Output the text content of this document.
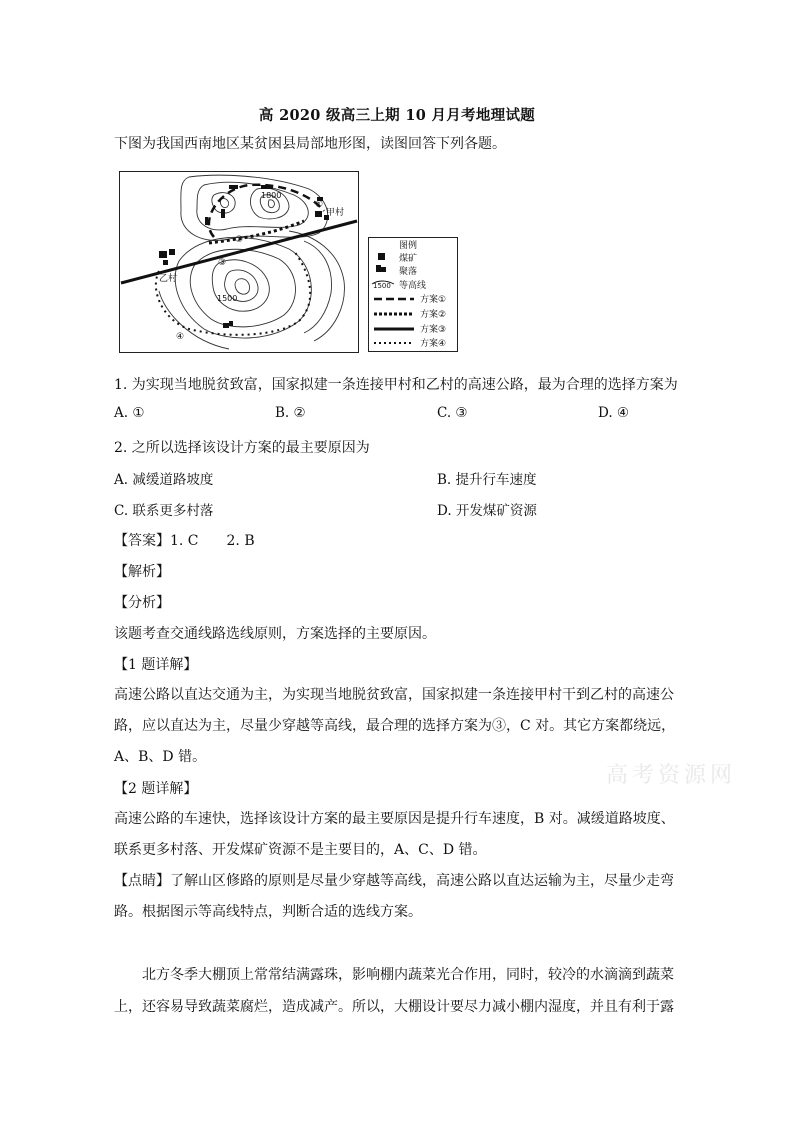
高 2020 级高三上期 10 月月考地理试题
下图为我国西南地区某贫困县局部地形图，读图回答下列各题。
乙村
甲村
1800
1500
①
②
③
④
图例
煤矿
聚落
1500 等高线
方案①
方案②
方案③
方案④
1. 为实现当地脱贫致富，国家拟建一条连接甲村和乙村的高速公路，最为合理的选择方案为
A. ①	B. ②	C. ③	D. ④
2. 之所以选择该设计方案的最主要原因为
A. 减缓道路坡度	B. 提升行车速度
C. 联系更多村落	D. 开发煤矿资源
【答案】1. C　　2. B
【解析】
【分析】
该题考查交通线路选线原则，方案选择的主要原因。
【1 题详解】
高速公路以直达交通为主，为实现当地脱贫致富，国家拟建一条连接甲村干到乙村的高速公路，应以直达为主，尽量少穿越等高线，最合理的选择方案为③，C 对。其它方案都绕远，A、B、D 错。
【2 题详解】
高速公路的车速快，选择该设计方案的最主要原因是提升行车速度，B 对。减缓道路坡度、联系更多村落、开发煤矿资源不是主要目的，A、C、D 错。
【点睛】了解山区修路的原则是尽量少穿越等高线，高速公路以直达运输为主，尽量少走弯路。根据图示等高线特点，判断合适的选线方案。
高考资源网
北方冬季大棚顶上常常结满露珠，影响棚内蔬菜光合作用，同时，较冷的水滴滴到蔬菜上，还容易导致蔬菜腐烂，造成减产。所以，大棚设计要尽力减小棚内湿度，并且有利于露
